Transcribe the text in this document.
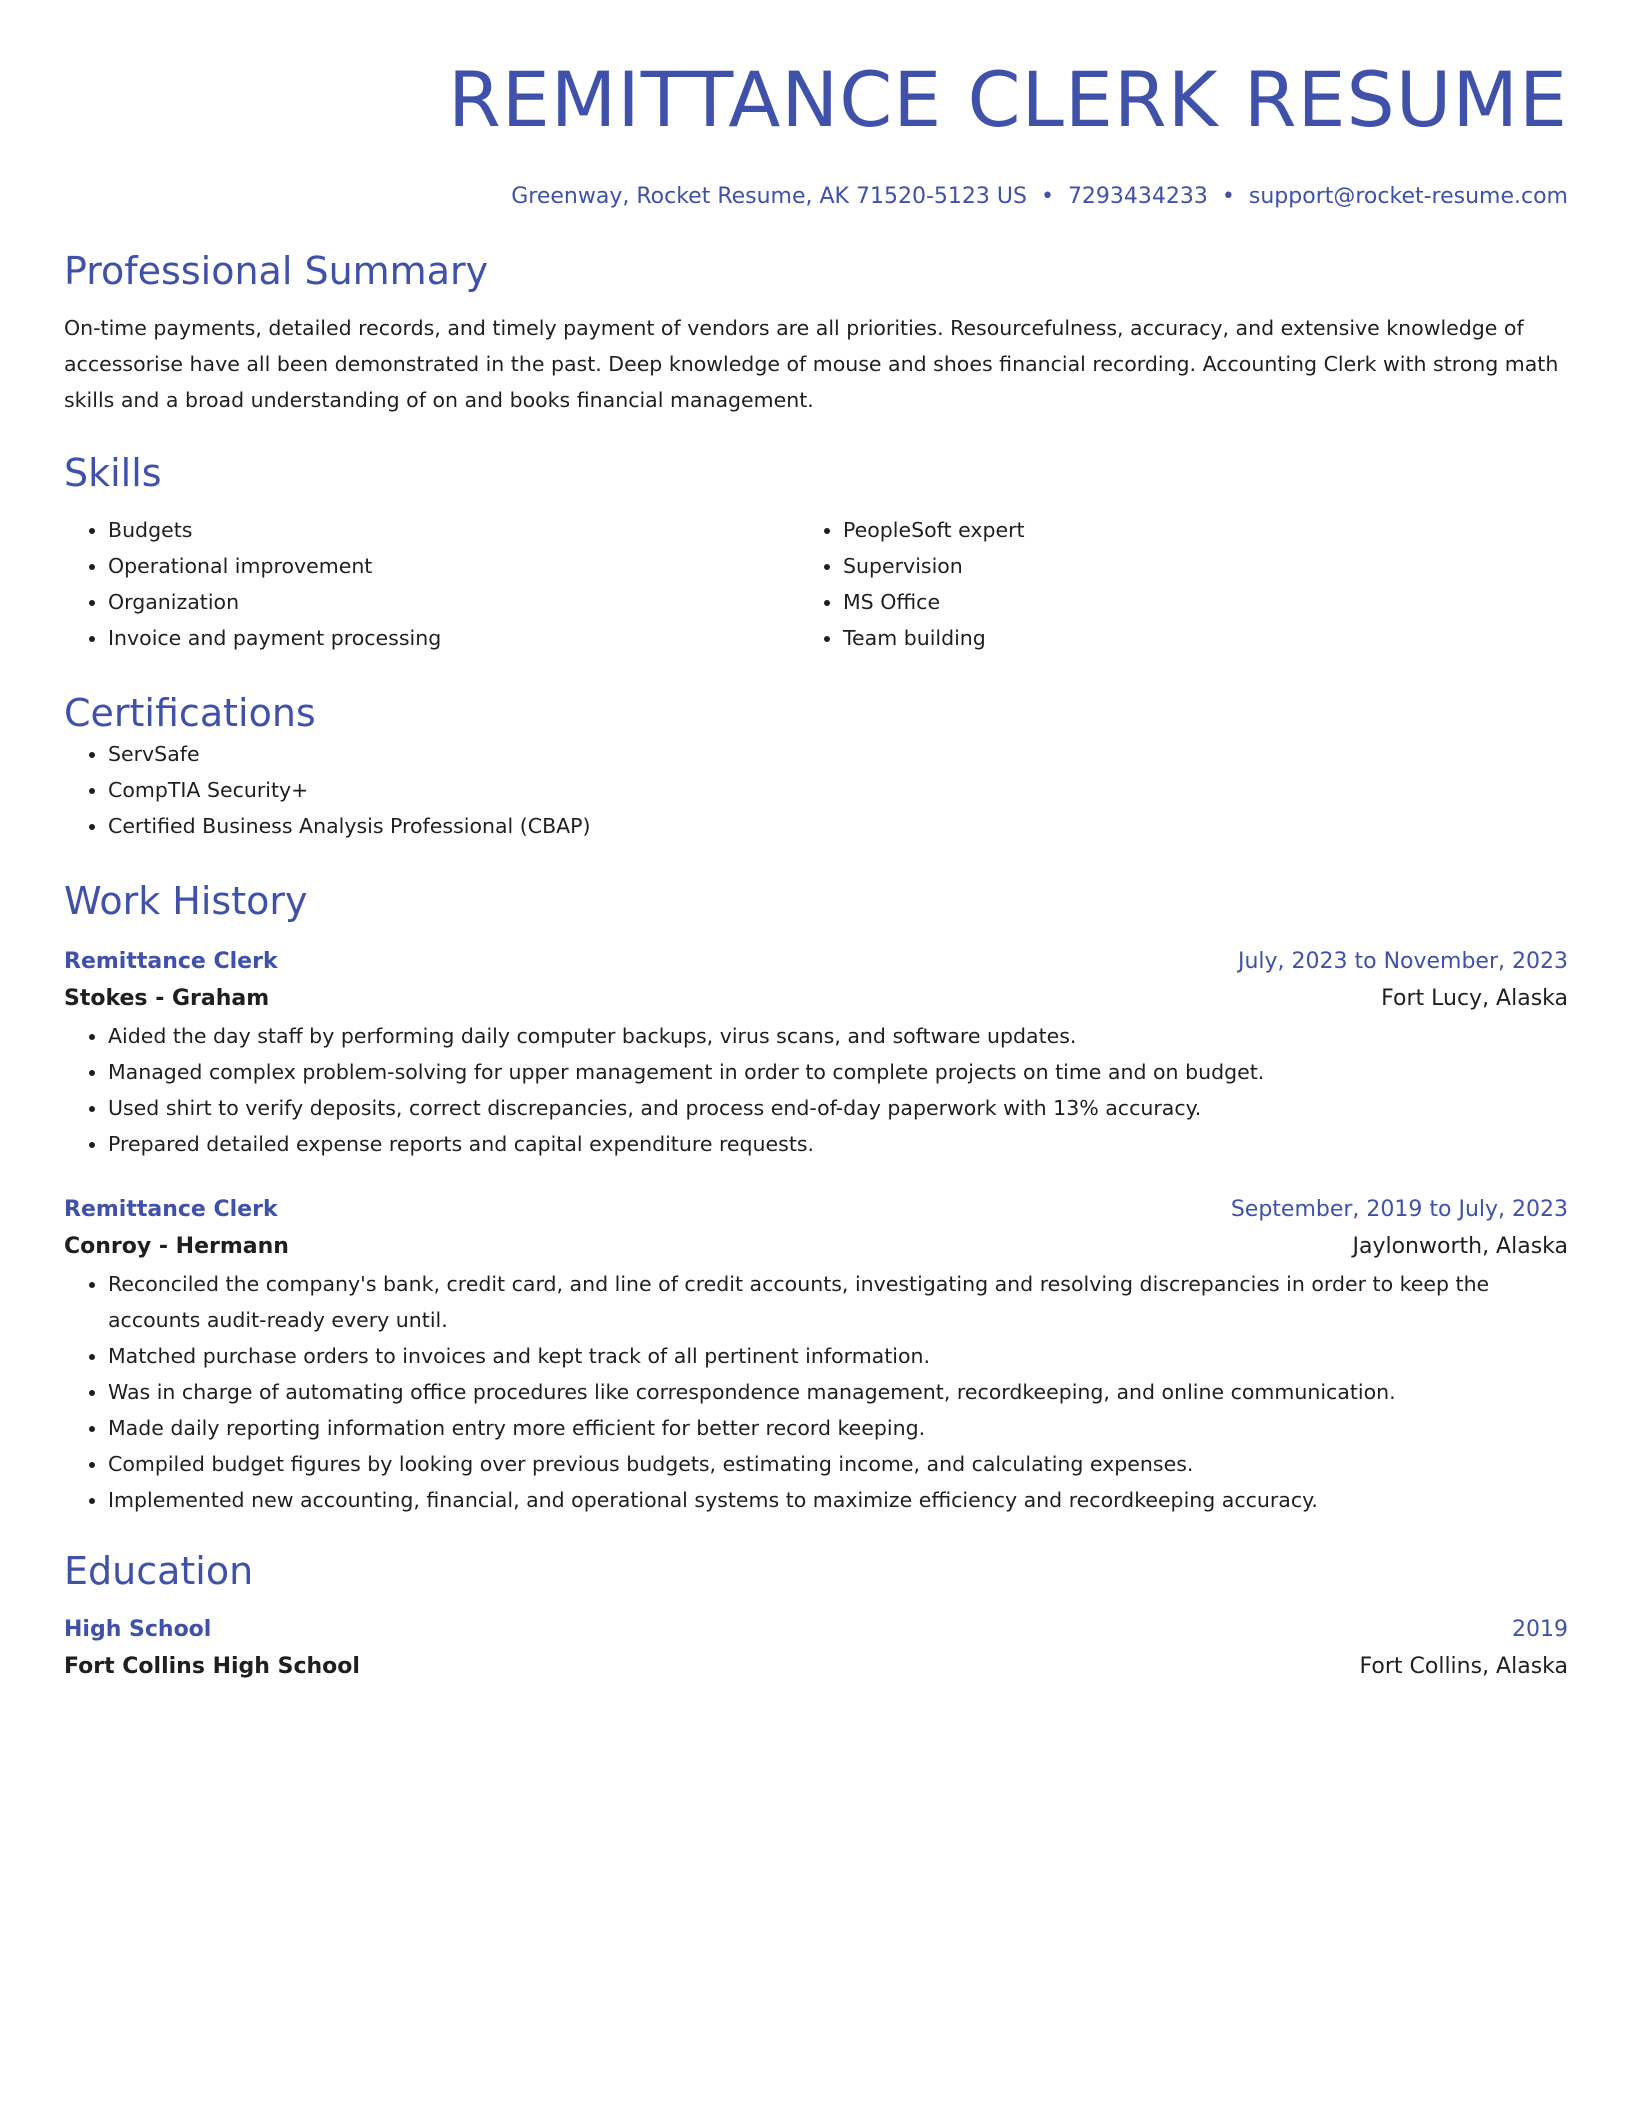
REMITTANCE CLERK RESUME
Greenway, Rocket Resume, AK 71520-5123 US • 7293434233 • support@rocket-resume.com
Professional Summary

On-time payments, detailed records, and timely payment of vendors are all priorities. Resourcefulness, accuracy, and extensive knowledge of accessorise have all been demonstrated in the past. Deep knowledge of mouse and shoes financial recording. Accounting Clerk with strong math skills and a broad understanding of on and books financial management.

Skills
• Budgets
• Operational improvement
• Organization
• Invoice and payment processing
• PeopleSoft expert
• Supervision
• MS Office
• Team building
Certifications
• ServSafe
• CompTIA Security+
• Certified Business Analysis Professional (CBAP)
Work History
Remittance Clerk	July, 2023 to November, 2023
Stokes - Graham	Fort Lucy, Alaska
• Aided the day staff by performing daily computer backups, virus scans, and software updates.
• Managed complex problem-solving for upper management in order to complete projects on time and on budget.
• Used shirt to verify deposits, correct discrepancies, and process end-of-day paperwork with 13% accuracy.
• Prepared detailed expense reports and capital expenditure requests.
Remittance Clerk	September, 2019 to July, 2023
Conroy - Hermann	Jaylonworth, Alaska
• Reconciled the company's bank, credit card, and line of credit accounts, investigating and resolving discrepancies in order to keep the accounts audit-ready every until.
• Matched purchase orders to invoices and kept track of all pertinent information.
• Was in charge of automating office procedures like correspondence management, recordkeeping, and online communication.
• Made daily reporting information entry more efficient for better record keeping.
• Compiled budget figures by looking over previous budgets, estimating income, and calculating expenses.
• Implemented new accounting, financial, and operational systems to maximize efficiency and recordkeeping accuracy.
Education
High School	2019
Fort Collins High School	Fort Collins, Alaska
